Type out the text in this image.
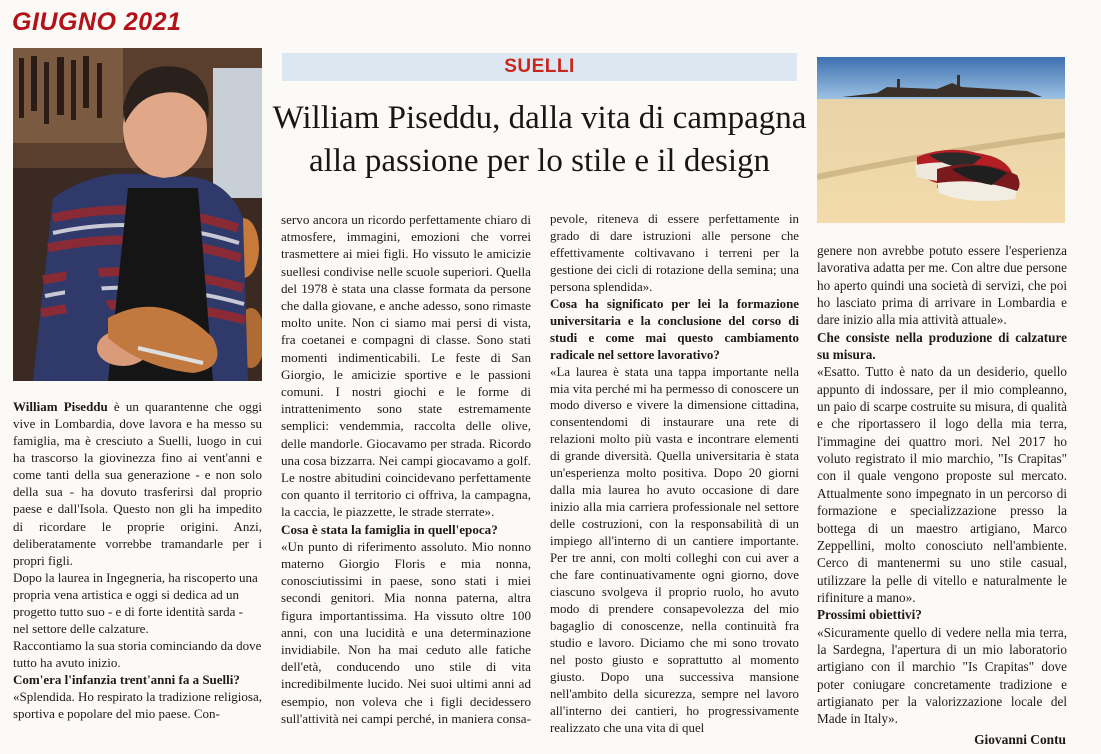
GIUGNO 2021
SUELLI
William Piseddu, dalla vita di campagna
alla passione per lo stile e il design

William Piseddu è un quarantenne che oggi vive in Lombardia, dove lavora e ha messo su famiglia, ma è cresciuto a Suelli, luogo in cui ha trascorso la giovinezza fino ai vent'anni e come tanti della sua generazione - e non solo della sua - ha dovuto trasferirsi dal proprio paese e dall'Isola. Questo non gli ha impedito di ricordare le proprie origini. Anzi, deliberatamente vorrebbe tramandarle per i propri figli.

Dopo la laurea in Ingegneria, ha riscoperto una propria vena artistica e oggi si dedica ad un progetto tutto suo - e di forte identità sarda - nel settore delle calzature.

Raccontiamo la sua storia cominciando da dove tutto ha avuto inizio.

Com'era l'infanzia trent'anni fa a Suelli?

«Splendida. Ho respirato la tradizione religiosa, sportiva e popolare del mio paese. Con-

servo ancora un ricordo perfettamente chiaro di atmosfere, immagini, emozioni che vorrei trasmettere ai miei figli. Ho vissuto le amicizie suellesi condivise nelle scuole superiori. Quella del 1978 è stata una classe formata da persone che dalla giovane, e anche adesso, sono rimaste molto unite. Non ci siamo mai persi di vista, fra coetanei e compagni di classe. Sono stati momenti indimenticabili. Le feste di San Giorgio, le amicizie sportive e le passioni comuni. I nostri giochi e le forme di intrattenimento sono state estremamente semplici: vendemmia, raccolta delle olive, delle mandorle. Giocavamo per strada. Ricordo una cosa bizzarra. Nei campi giocavamo a golf. Le nostre abitudini coincidevano perfettamente con quanto il territorio ci offriva, la campagna, la caccia, le piazzette, le strade sterrate».

Cosa è stata la famiglia in quell'epoca?

«Un punto di riferimento assoluto. Mio nonno materno Giorgio Floris e mia nonna, conosciutissimi in paese, sono stati i miei secondi genitori. Mia nonna paterna, altra figura importantissima. Ha vissuto oltre 100 anni, con una lucidità e una determinazione invidiabile. Non ha mai ceduto alle fatiche dell'età, conducendo uno stile di vita incredibilmente lucido. Nei suoi ultimi anni ad esempio, non voleva che i figli decidessero sull'attività nei campi perché, in maniera consa-

pevole, riteneva di essere perfettamente in grado di dare istruzioni alle persone che effettivamente coltivavano i terreni per la gestione dei cicli di rotazione della semina; una persona splendida».

Cosa ha significato per lei la formazione universitaria e la conclusione del corso di studi e come mai questo cambiamento radicale nel settore lavorativo?

«La laurea è stata una tappa importante nella mia vita perché mi ha permesso di conoscere un modo diverso e vivere la dimensione cittadina, consentendomi di instaurare una rete di relazioni molto più vasta e incontrare elementi di grande diversità. Quella universitaria è stata un'esperienza molto positiva. Dopo 20 giorni dalla mia laurea ho avuto occasione di dare inizio alla mia carriera professionale nel settore delle costruzioni, con la responsabilità di un impiego all'interno di un cantiere importante. Per tre anni, con molti colleghi con cui aver a che fare continuativamente ogni giorno, dove ciascuno svolgeva il proprio ruolo, ho avuto modo di prendere consapevolezza del mio bagaglio di conoscenze, nella continuità fra studio e lavoro. Diciamo che mi sono trovato nel posto giusto e soprattutto al momento giusto. Dopo una successiva mansione nell'ambito della sicurezza, sempre nel lavoro all'interno dei cantieri, ho progressivamente realizzato che una vita di quel

genere non avrebbe potuto essere l'esperienza lavorativa adatta per me. Con altre due persone ho aperto quindi una società di servizi, che poi ho lasciato prima di arrivare in Lombardia e dare inizio alla mia attività attuale».

Che consiste nella produzione di calzature su misura.

«Esatto. Tutto è nato da un desiderio, quello appunto di indossare, per il mio compleanno, un paio di scarpe costruite su misura, di qualità e che riportassero il logo della mia terra, l'immagine dei quattro mori. Nel 2017 ho voluto registrato il mio marchio, "Is Crapitas" con il quale vengono proposte sul mercato. Attualmente sono impegnato in un percorso di formazione e specializzazione presso la bottega di un maestro artigiano, Marco Zeppellini, molto conosciuto nell'ambiente. Cerco di mantenermi su uno stile casual, utilizzare la pelle di vitello e naturalmente le rifiniture a mano».

Prossimi obiettivi?

«Sicuramente quello di vedere nella mia terra, la Sardegna, l'apertura di un mio laboratorio artigiano con il marchio "Is Crapitas" dove poter coniugare concretamente tradizione e artigianato per la valorizzazione locale del Made in Italy».

Giovanni Contu
